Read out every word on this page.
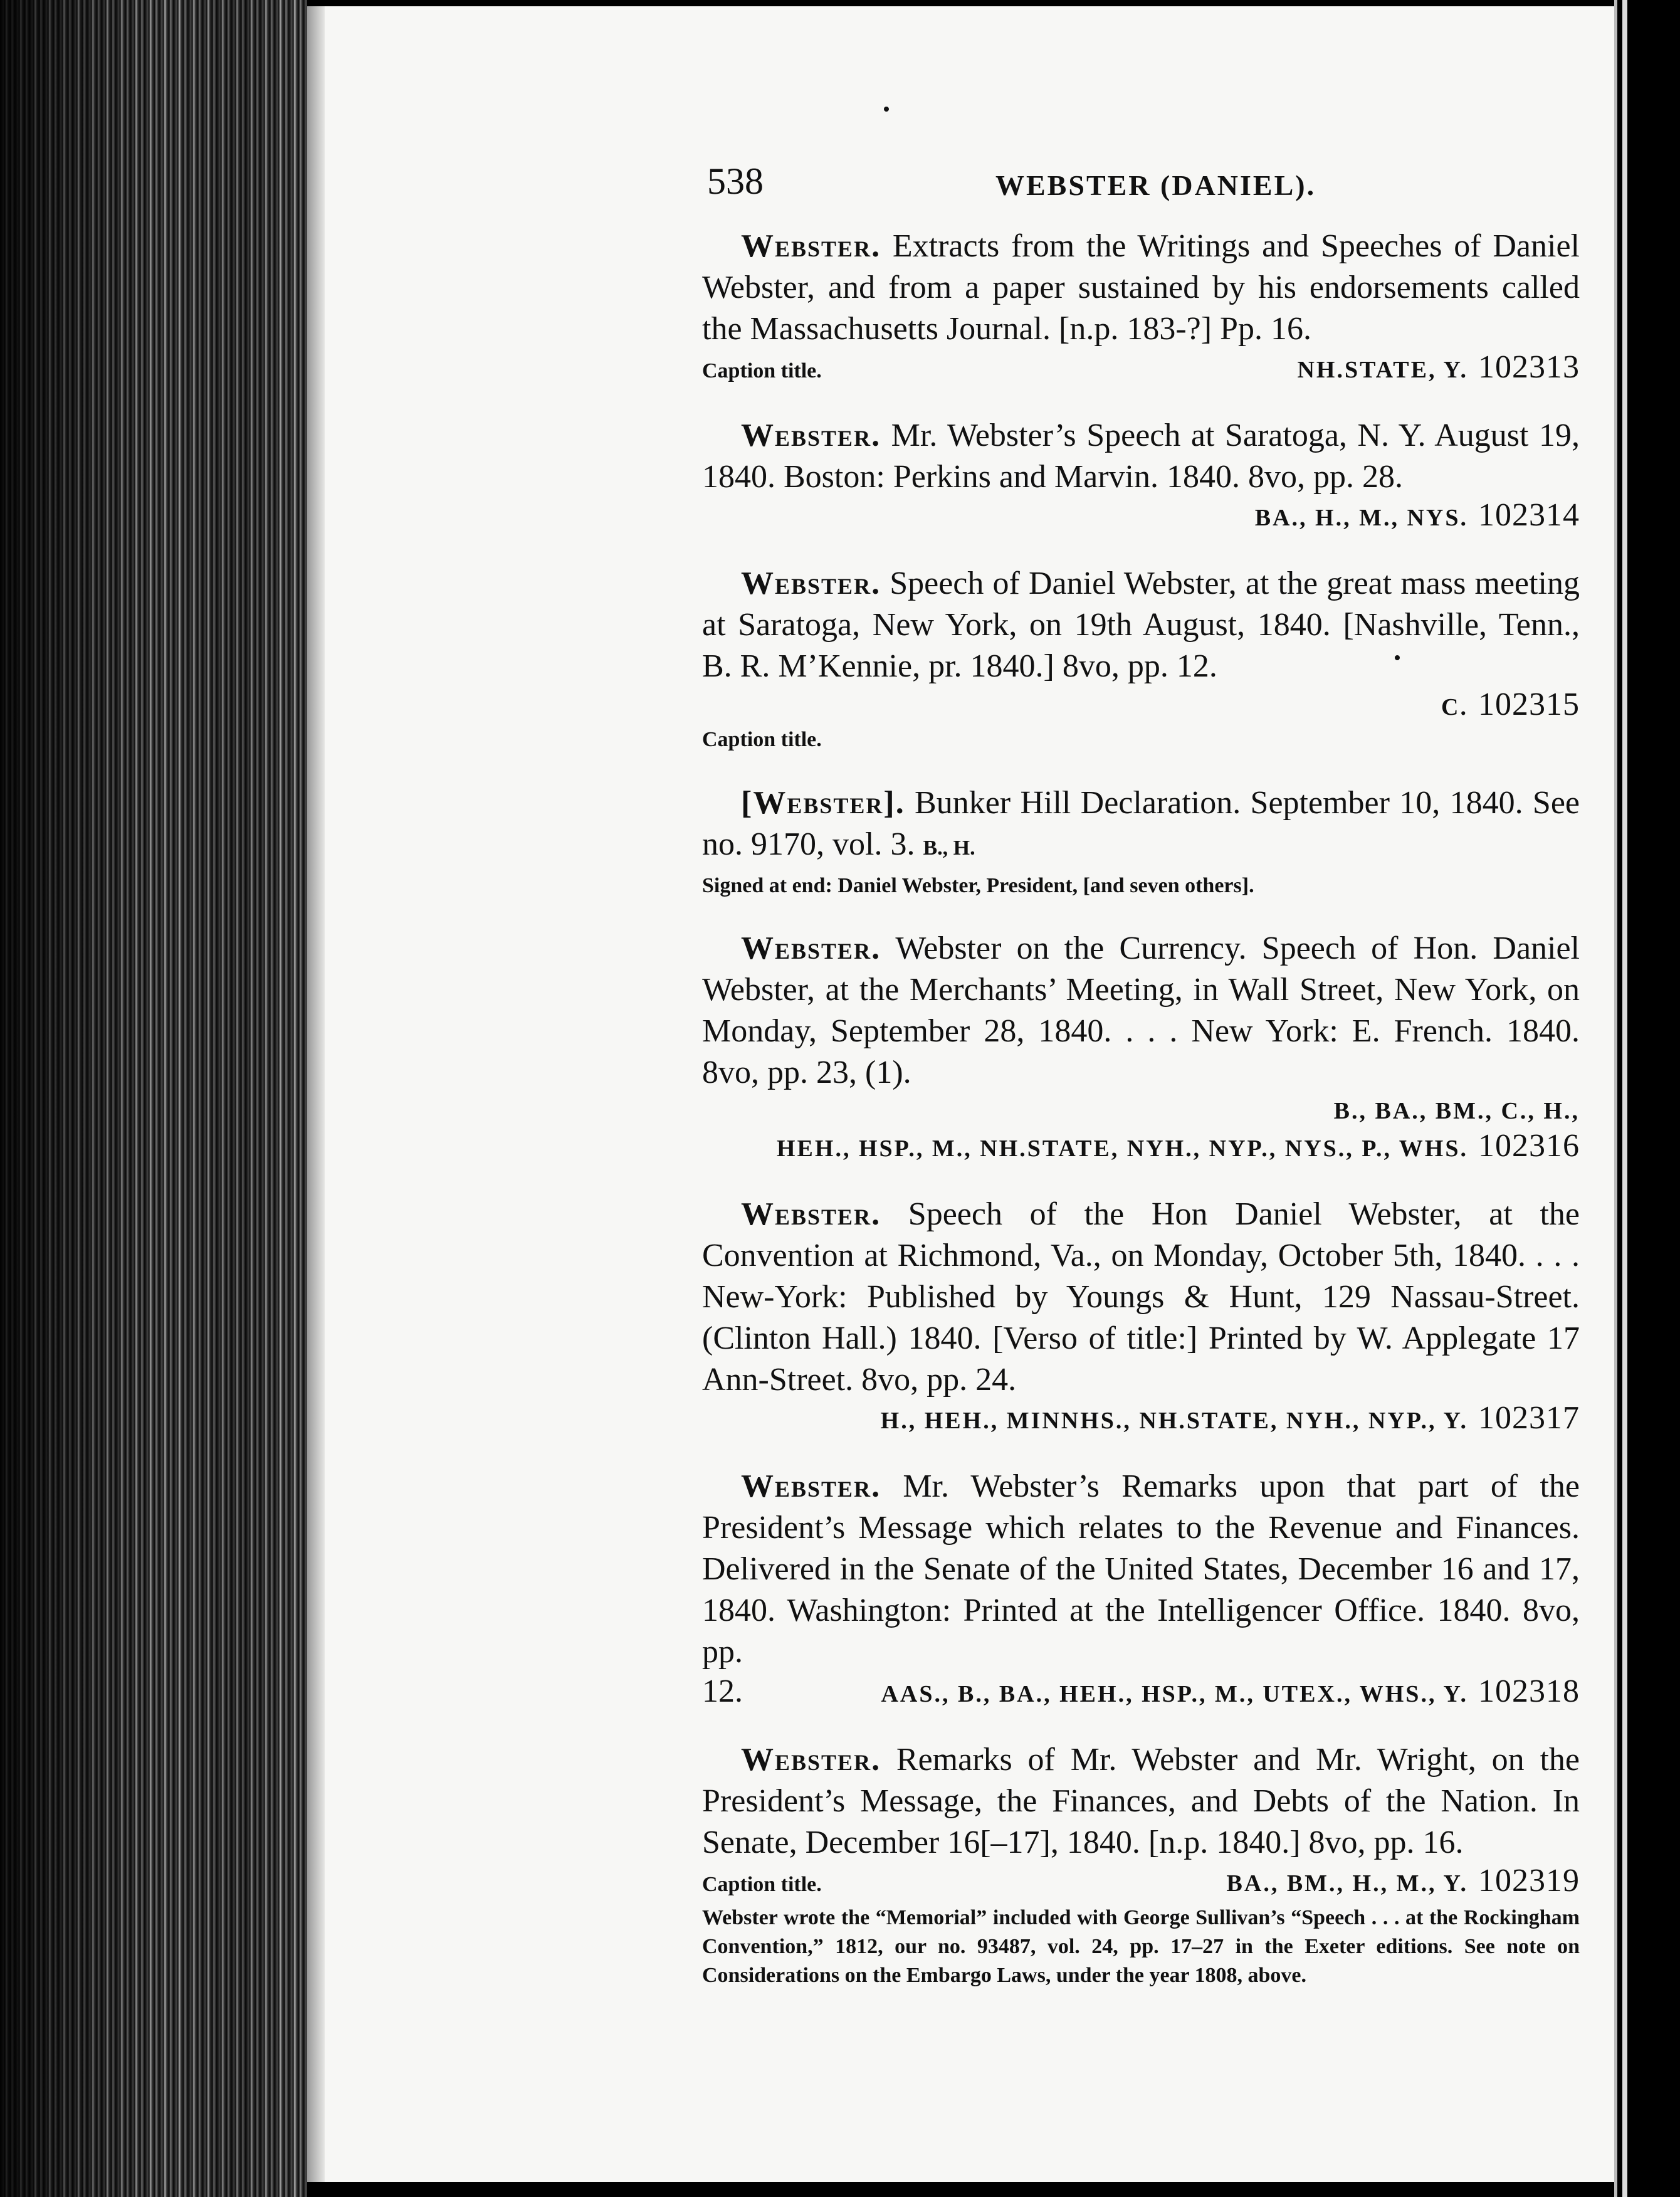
538	WEBSTER (DANIEL).

Webster. Extracts from the Writings and Speeches of Daniel Webster, and from a paper sustained by his endorsements called the Massachusetts Journal. [n.p. 183-?] Pp. 16.

Caption title.	NH.STATE, Y. 102313

Webster. Mr. Webster’s Speech at Saratoga, N. Y. August 19, 1840. Boston: Perkins and Marvin. 1840. 8vo, pp. 28.

BA., H., M., NYS. 102314

Webster. Speech of Daniel Webster, at the great mass meeting at Saratoga, New York, on 19th August, 1840. [Nashville, Tenn., B. R. M’Kennie, pr. 1840.] 8vo, pp. 12.

C. 102315
Caption title.

[Webster]. Bunker Hill Declaration. September 10, 1840. See no. 9170, vol. 3. B., H.

Signed at end: Daniel Webster, President, [and seven others].

Webster. Webster on the Currency. Speech of Hon. Daniel Webster, at the Merchants’ Meeting, in Wall Street, New York, on Monday, September 28, 1840. . . . New York: E. French. 1840. 8vo, pp. 23, (1).

B., BA., BM., C., H.,
HEH., HSP., M., NH.STATE, NYH., NYP., NYS., P., WHS. 102316

Webster. Speech of the Hon Daniel Webster, at the Convention at Richmond, Va., on Monday, October 5th, 1840. . . . New-York: Published by Youngs & Hunt, 129 Nassau-Street. (Clinton Hall.) 1840. [Verso of title:] Printed by W. Applegate 17 Ann-Street. 8vo, pp. 24.

H., HEH., MINNHS., NH.STATE, NYH., NYP., Y. 102317

Webster. Mr. Webster’s Remarks upon that part of the President’s Message which relates to the Revenue and Finances. Delivered in the Senate of the United States, December 16 and 17, 1840. Washington: Printed at the Intelligencer Office. 1840. 8vo, pp.

12.	AAS., B., BA., HEH., HSP., M., UTEX., WHS., Y. 102318

Webster. Remarks of Mr. Webster and Mr. Wright, on the President’s Message, the Finances, and Debts of the Nation. In Senate, December 16[–17], 1840. [n.p. 1840.] 8vo, pp. 16.

Caption title.	BA., BM., H., M., Y. 102319
Webster wrote the “Memorial” included with George Sullivan’s “Speech . . . at the Rockingham Convention,” 1812, our no. 93487, vol. 24, pp. 17–27 in the Exeter editions. See note on Considerations on the Embargo Laws, under the year 1808, above.
